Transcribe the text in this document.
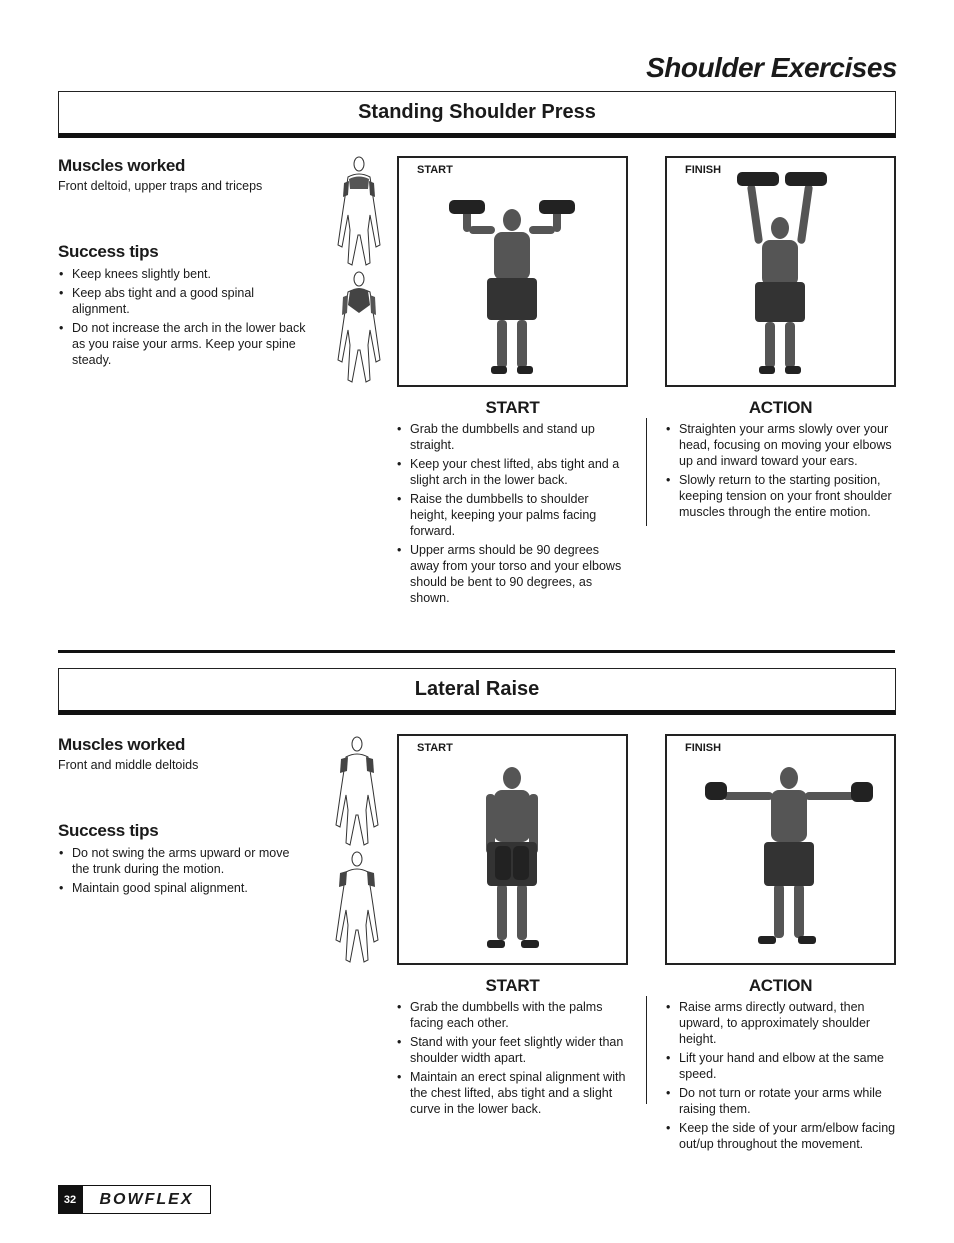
Shoulder Exercises
Standing Shoulder Press
Muscles worked
Front deltoid, upper traps and triceps
Success tips
• Keep knees slightly bent.
• Keep abs tight and a good spinal alignment.
• Do not increase the arch in the lower back as you raise your arms. Keep your spine steady.
START	FINISH
START
• Grab the dumbbells and stand up straight.
• Keep your chest lifted, abs tight and a slight arch in the lower back.
• Raise the dumbbells to shoulder height, keeping your palms facing forward.
• Upper arms should be 90 degrees away from your torso and your elbows should be bent to 90 degrees, as shown.
ACTION
• Straighten your arms slowly over your head, focusing on moving your elbows up and inward toward your ears.
• Slowly return to the starting position, keeping tension on your front shoulder muscles through the entire motion.
Lateral Raise
Muscles worked
Front and middle deltoids
Success tips
• Do not swing the arms upward or move the trunk during the motion.
• Maintain good spinal alignment.
START	FINISH
START
• Grab the dumbbells with the palms facing each other.
• Stand with your feet slightly wider than shoulder width apart.
• Maintain an erect spinal alignment with the chest lifted, abs tight and a slight curve in the lower back.
ACTION
• Raise arms directly outward, then upward, to approximately shoulder height.
• Lift your hand and elbow at the same speed.
• Do not turn or rotate your arms while raising them.
• Keep the side of your arm/elbow facing out/up throughout the movement.
32	BOWFLEX
